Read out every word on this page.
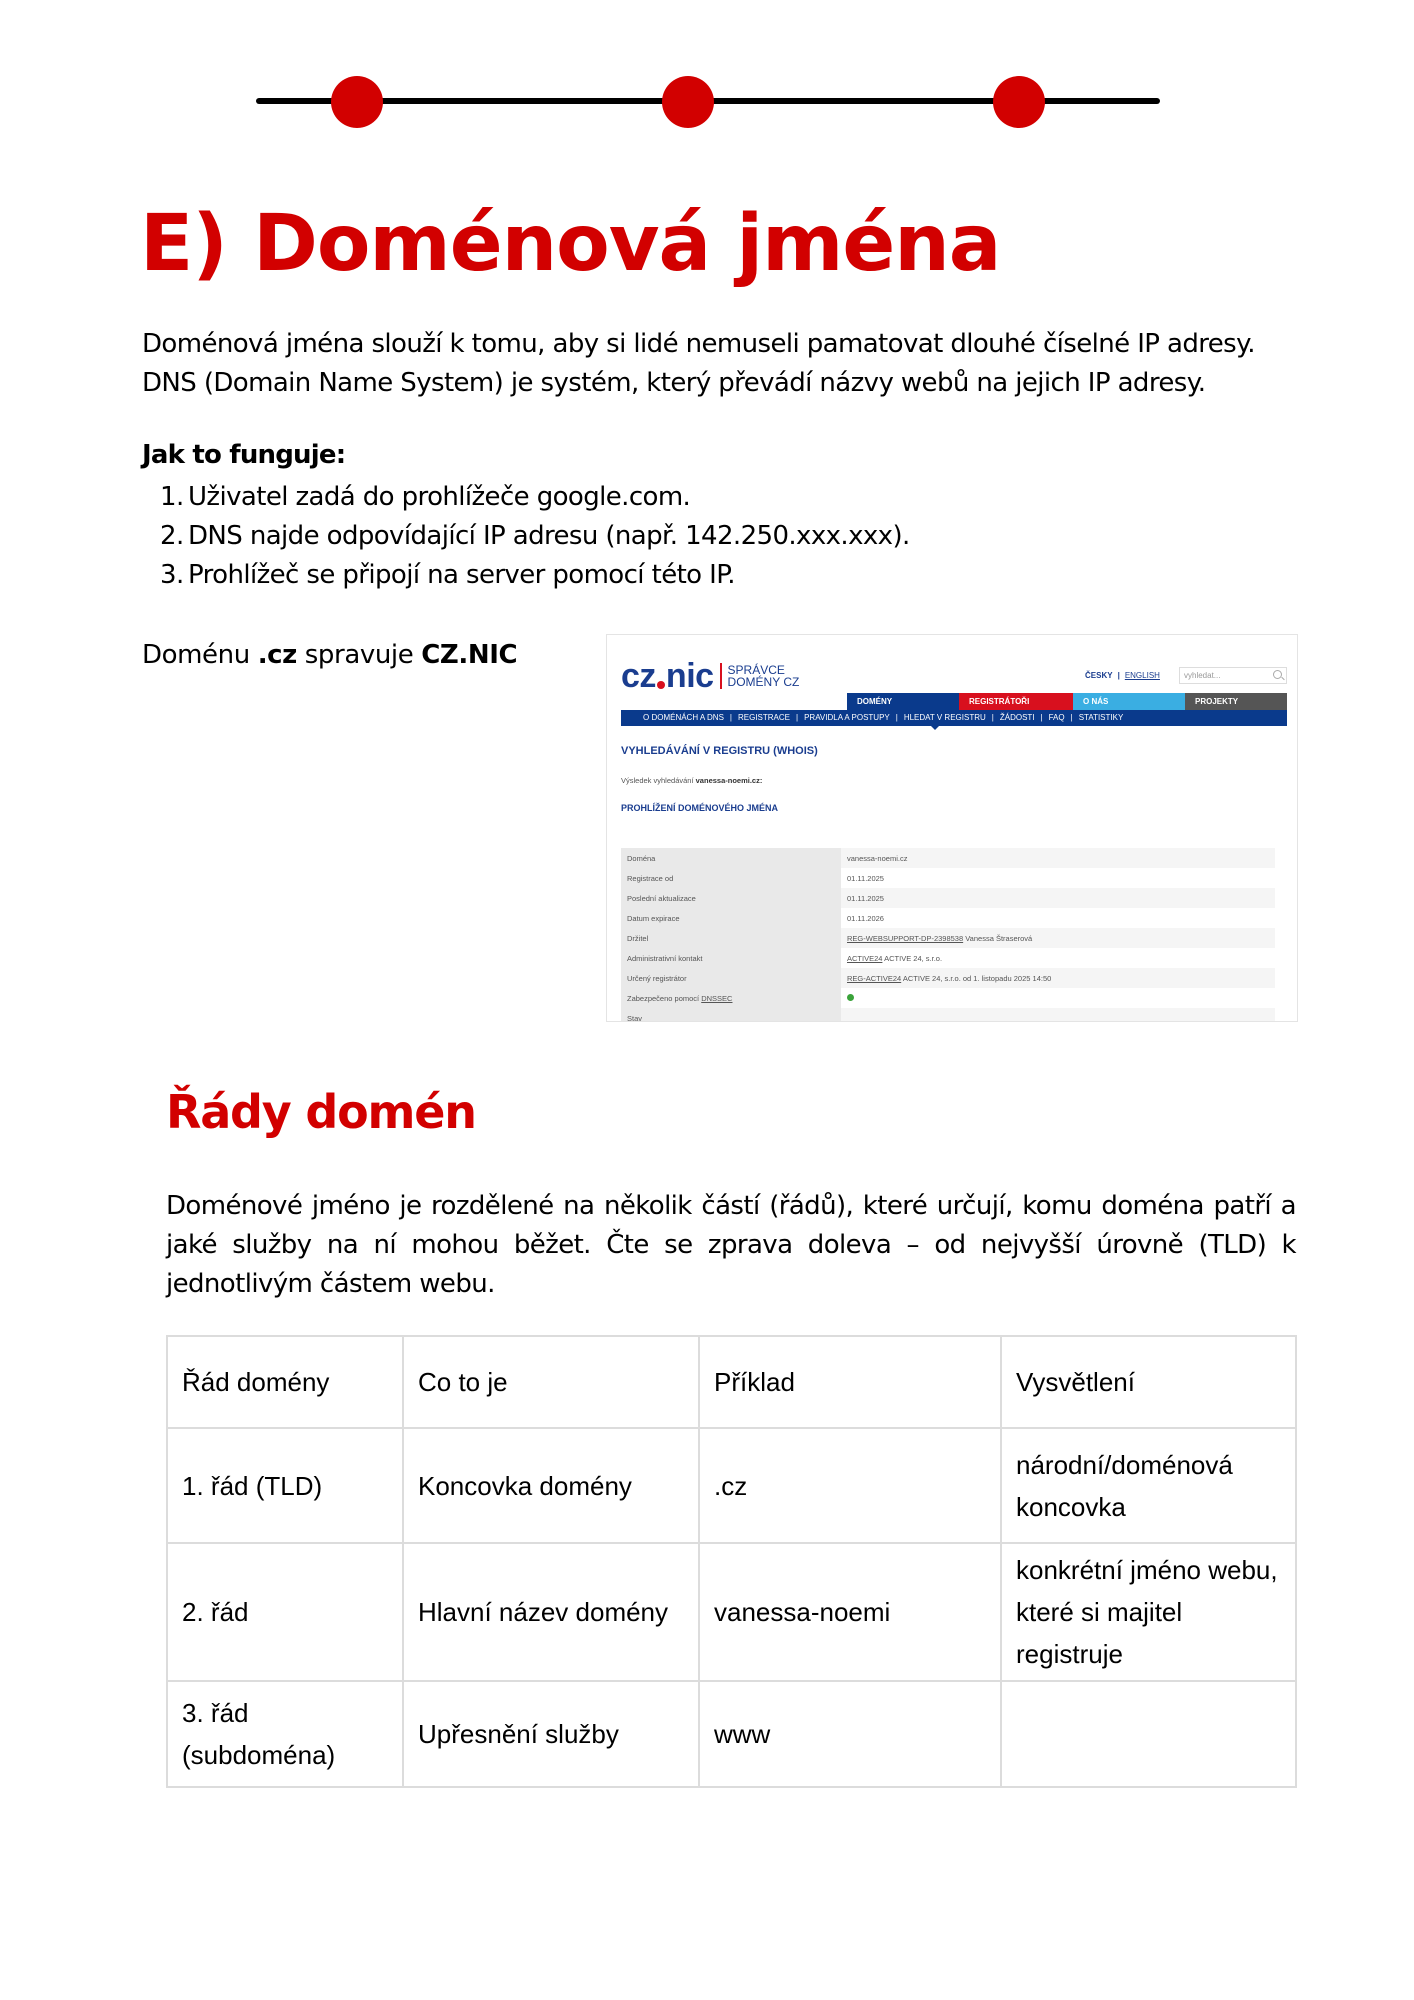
E) Doménová jména

Doménová jména slouží k tomu, aby si lidé nemuseli pamatovat dlouhé číselné IP adresy.

DNS (Domain Name System) je systém, který převádí názvy webů na jejich IP adresy.

Jak to funguje:
1. Uživatel zadá do prohlížeče google.com.
2. DNS najde odpovídající IP adresu (např. 142.250.xxx.xxx).
3. Prohlížeč se připojí na server pomocí této IP.
Doménu .cz spravuje CZ.NIC
cz nic SPRÁVCE
DOMÉNY CZ	ČESKY | ENGLISH	vyhledat...
DOMÉNY	REGISTRÁTOŘI	O NÁS	PROJEKTY
O DOMÉNÁCH A DNS | REGISTRACE | PRAVIDLA A POSTUPY | HLEDAT V REGISTRU | ŽÁDOSTI | FAQ | STATISTIKY
VYHLEDÁVÁNÍ V REGISTRU (WHOIS)
Výsledek vyhledávání vanessa-noemi.cz:
PROHLÍŽENÍ DOMÉNOVÉHO JMÉNA
Doména	vanessa-noemi.cz
Registrace od	01.11.2025
Poslední aktualizace	01.11.2025
Datum expirace	01.11.2026
Držitel	REG-WEBSUPPORT-DP-2398538 Vanessa Štraserová
Administrativní kontakt	ACTIVE24 ACTIVE 24, s.r.o.
Určený registrátor	REG-ACTIVE24 ACTIVE 24, s.r.o. od 1. listopadu 2025 14:50
Zabezpečeno pomocí DNSSEC	
Stav	
Řády domén

Doménové jméno je rozdělené na několik částí (řádů), které určují, komu doména patří a jaké služby na ní mohou běžet. Čte se zprava doleva – od nejvyšší úrovně (TLD) k jednotlivým částem webu.

Řád domény	Co to je	Příklad	Vysvětlení
1. řád (TLD)	Koncovka domény	.cz	národní/doménová koncovka
2. řád	Hlavní název domény	vanessa-noemi	konkrétní jméno webu, které si majitel registruje
3. řád (subdoména)	Upřesnění služby	www	
